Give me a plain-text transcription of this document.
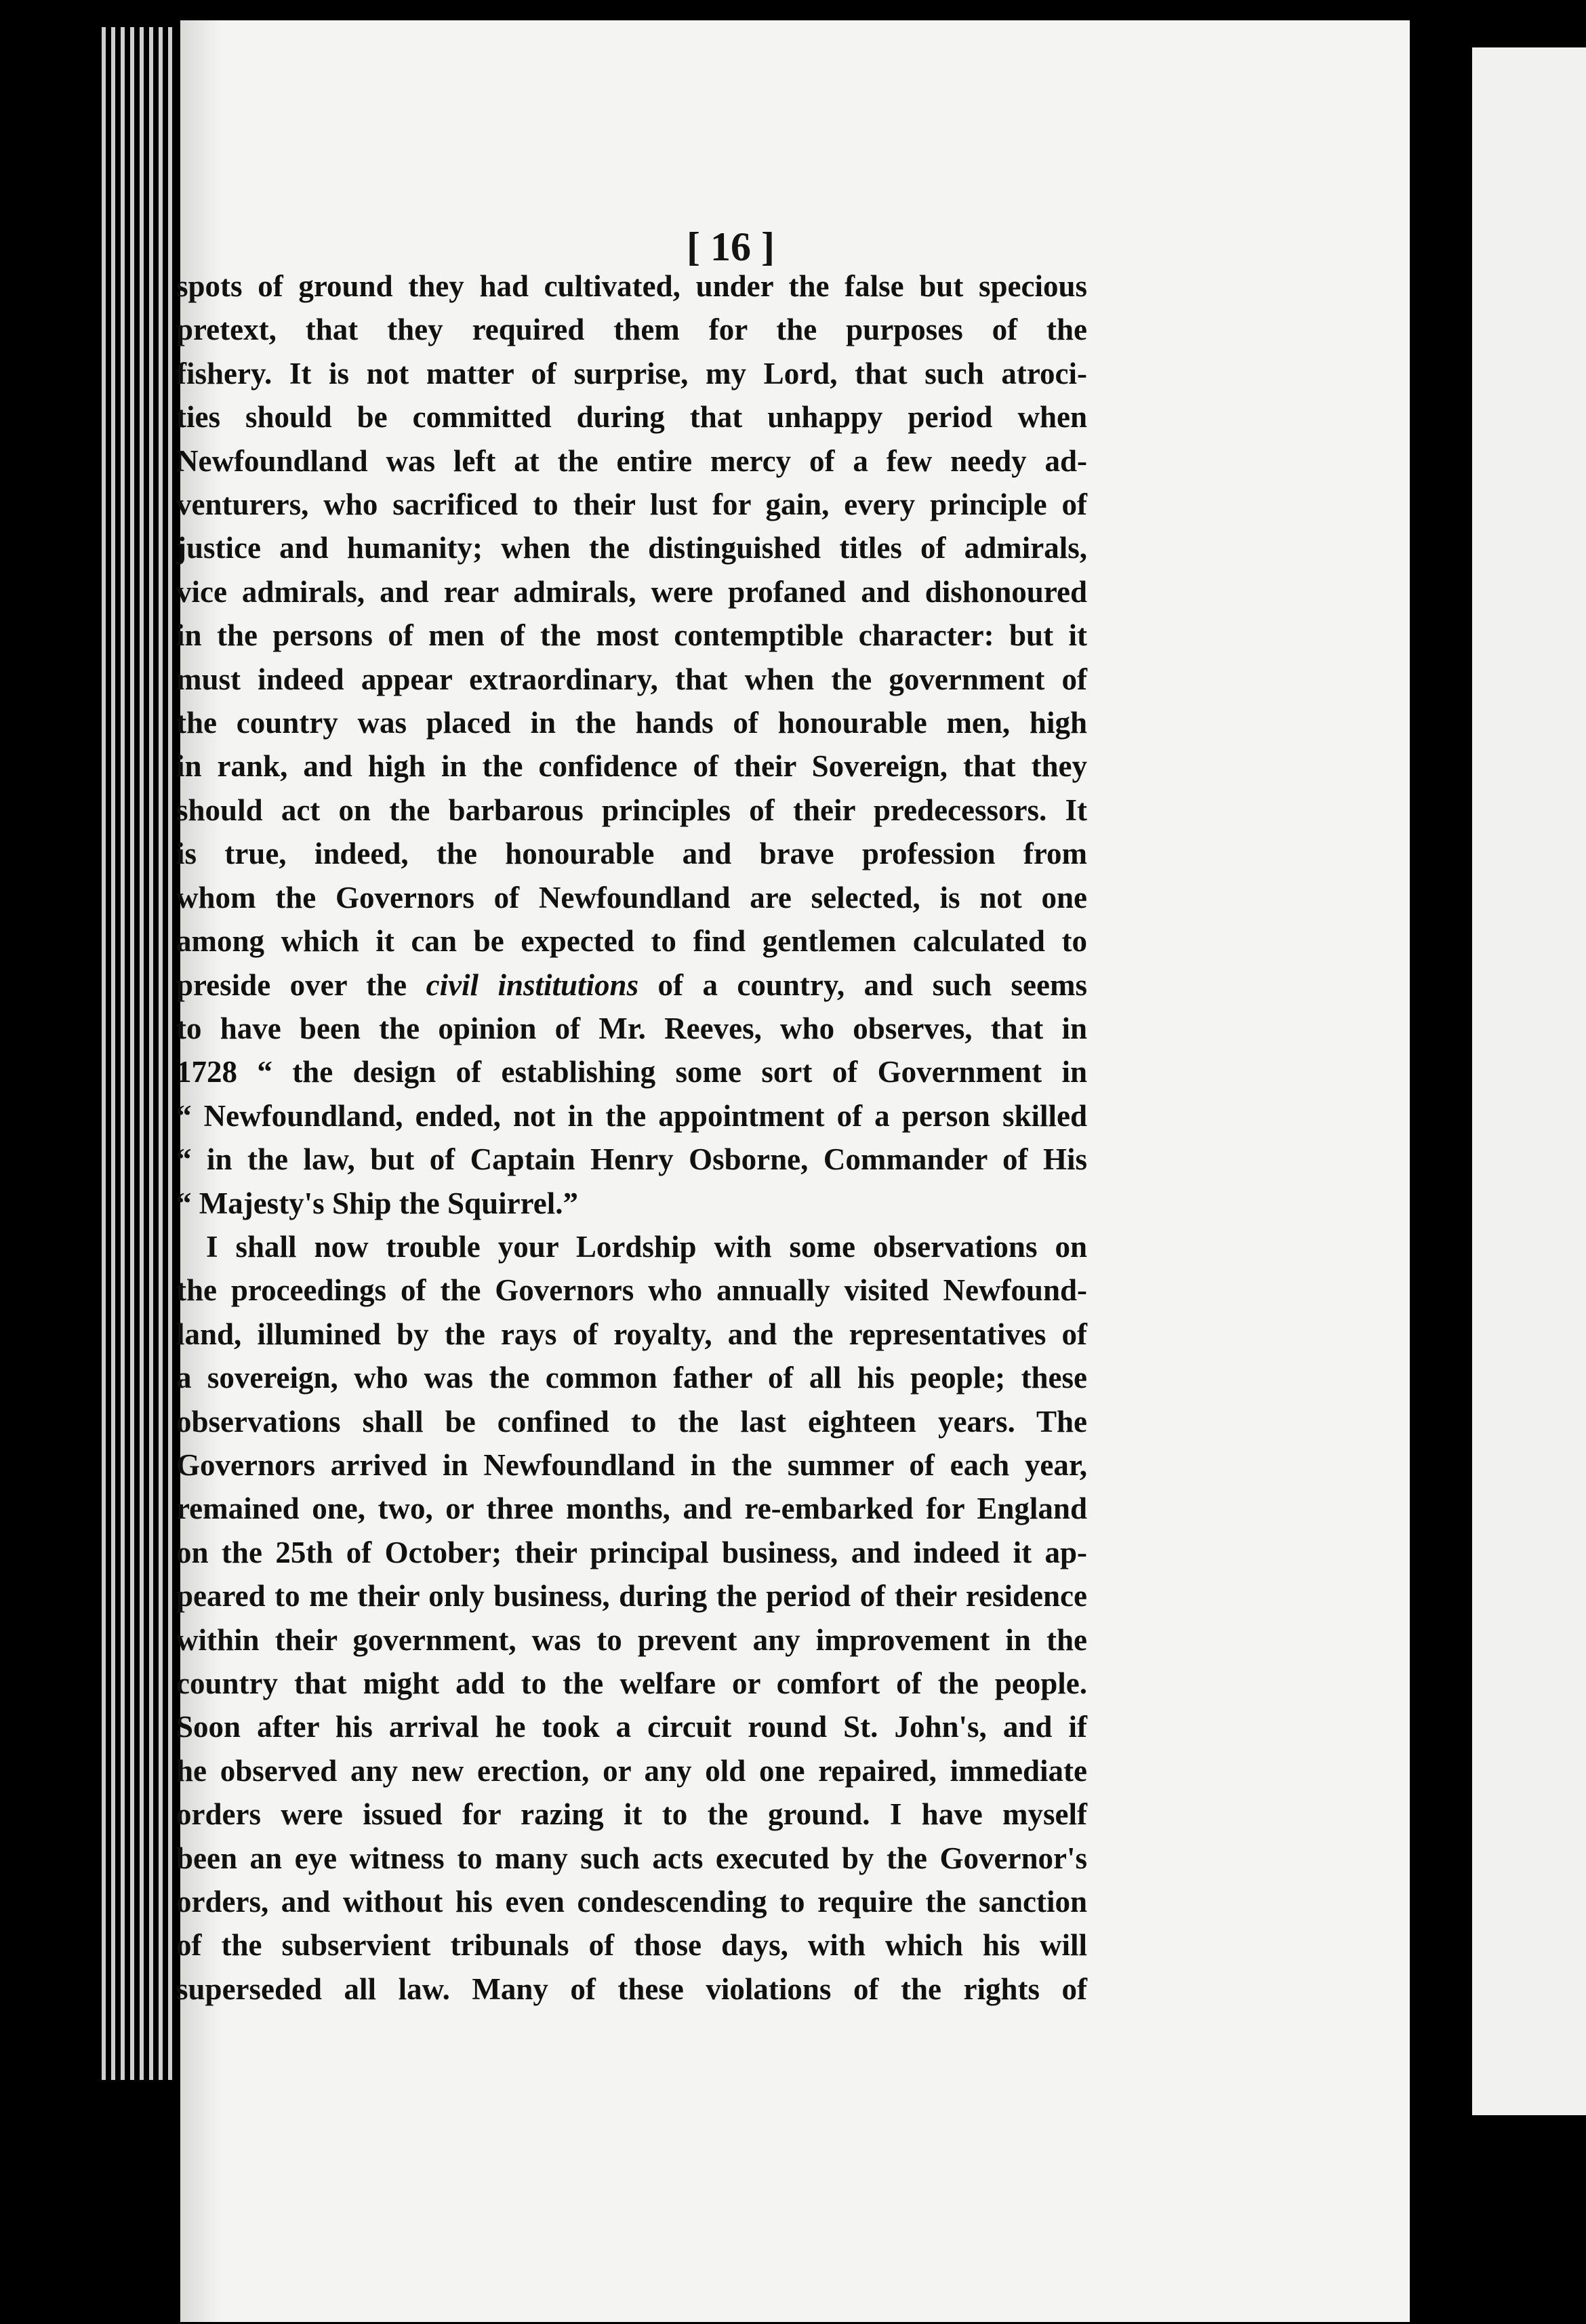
[ 16 ]
spots of ground they had cultivated, under the false but specious
pretext, that they required them for the purposes of the
fishery. It is not matter of surprise, my Lord, that such atroci-
ties should be committed during that unhappy period when
Newfoundland was left at the entire mercy of a few needy ad-
venturers, who sacrificed to their lust for gain, every principle of
justice and humanity; when the distinguished titles of admirals,
vice admirals, and rear admirals, were profaned and dishonoured
in the persons of men of the most contemptible character: but it
must indeed appear extraordinary, that when the government of
the country was placed in the hands of honourable men, high
in rank, and high in the confidence of their Sovereign, that they
should act on the barbarous principles of their predecessors. It
is true, indeed, the honourable and brave profession from
whom the Governors of Newfoundland are selected, is not one
among which it can be expected to find gentlemen calculated to
preside over the civil institutions of a country, and such seems
to have been the opinion of Mr. Reeves, who observes, that in
1728 “ the design of establishing some sort of Government in
“ Newfoundland, ended, not in the appointment of a person skilled
“ in the law, but of Captain Henry Osborne, Commander of His
“ Majesty's Ship the Squirrel.”
I shall now trouble your Lordship with some observations on
the proceedings of the Governors who annually visited Newfound-
land, illumined by the rays of royalty, and the representatives of
a sovereign, who was the common father of all his people; these
observations shall be confined to the last eighteen years. The
Governors arrived in Newfoundland in the summer of each year,
remained one, two, or three months, and re-embarked for England
on the 25th of October; their principal business, and indeed it ap-
peared to me their only business, during the period of their residence
within their government, was to prevent any improvement in the
country that might add to the welfare or comfort of the people.
Soon after his arrival he took a circuit round St. John's, and if
he observed any new erection, or any old one repaired, immediate
orders were issued for razing it to the ground. I have myself
been an eye witness to many such acts executed by the Governor's
orders, and without his even condescending to require the sanction
of the subservient tribunals of those days, with which his will
superseded all law. Many of these violations of the rights of
